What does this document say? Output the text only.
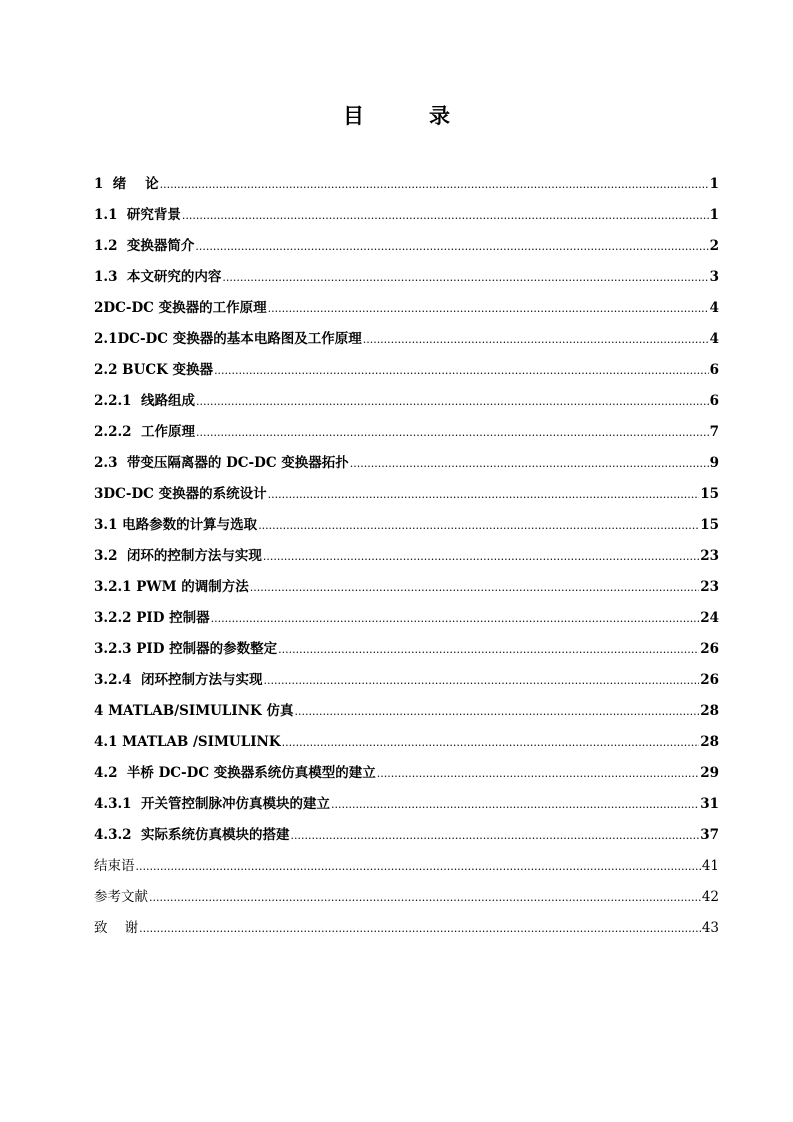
目　录
1  绪    论 .....	1
1.1  研究背景 .....	1
1.2  变换器简介 .....	2
1.3  本文研究的内容 .....	3
2DC-DC 变换器的工作原理 .....	4
2.1DC-DC 变换器的基本电路图及工作原理 .....	4
2.2 BUCK 变换器 .....	6
2.2.1  线路组成 .....	6
2.2.2  工作原理 .....	7
2.3  带变压隔离器的 DC-DC 变换器拓扑 .....	9
3DC-DC 变换器的系统设计 .....	15
3.1 电路参数的计算与选取 .....	15
3.2  闭环的控制方法与实现 .....	23
3.2.1 PWM 的调制方法 .....	23
3.2.2 PID 控制器 .....	24
3.2.3 PID 控制器的参数整定 .....	26
3.2.4  闭环控制方法与实现 .....	26
4 MATLAB/SIMULINK 仿真 .....	28
4.1 MATLAB /SIMULINK .....	28
4.2  半桥 DC-DC 变换器系统仿真模型的建立 .....	29
4.3.1  开关管控制脉冲仿真模块的建立 .....	31
4.3.2  实际系统仿真模块的搭建 .....	37
结束语 .....	41
参考文献 .....	42
致    谢 .....	43
